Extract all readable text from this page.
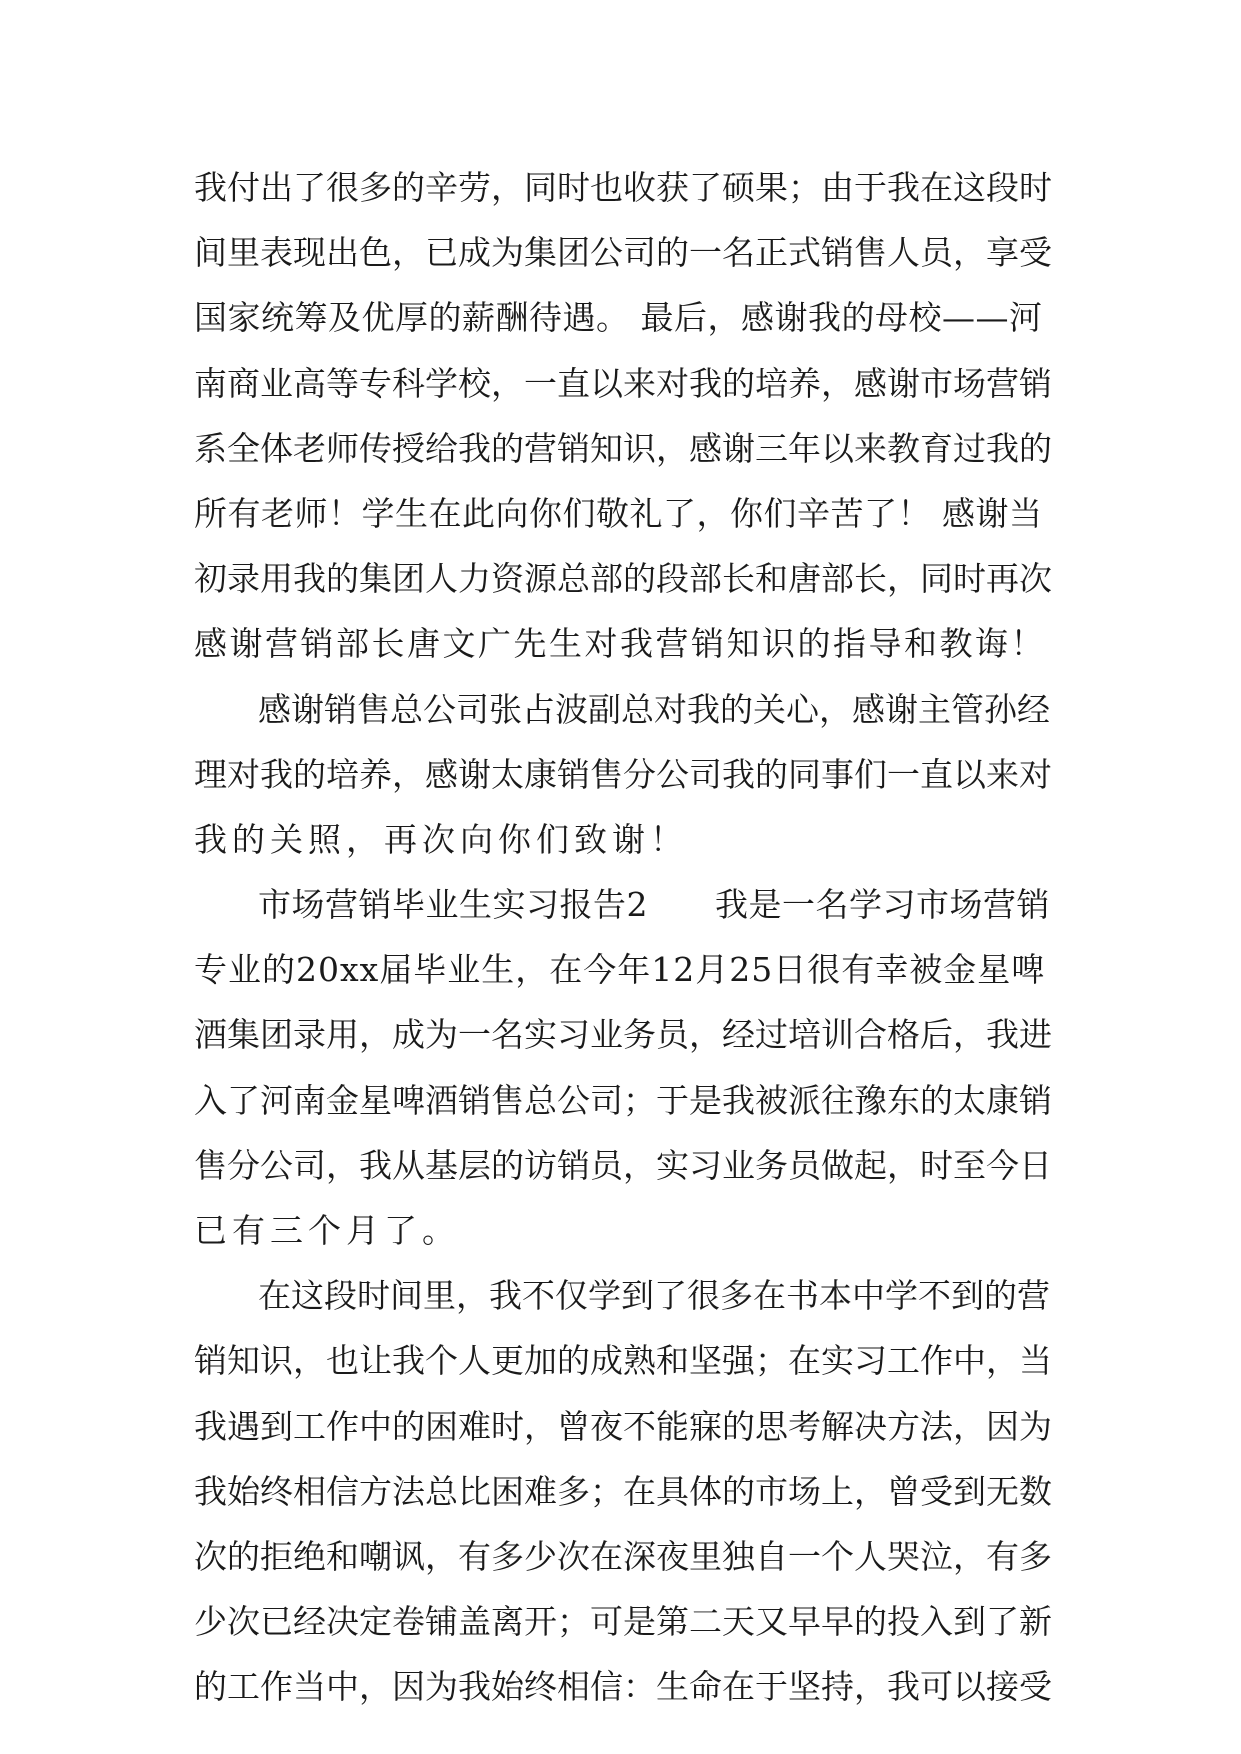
我付出了很多的辛劳，同时也收获了硕果；由于我在这段时
间里表现出色，已成为集团公司的一名正式销售人员，享受
国家统筹及优厚的薪酬待遇。 最后，感谢我的母校——河
南商业高等专科学校，一直以来对我的培养，感谢市场营销
系全体老师传授给我的营销知识，感谢三年以来教育过我的
所有老师！学生在此向你们敬礼了，你们辛苦了！ 感谢当
初录用我的集团人力资源总部的段部长和唐部长，同时再次
感谢营销部长唐文广先生对我营销知识的指导和教诲！
感谢销售总公司张占波副总对我的关心，感谢主管孙经
理对我的培养，感谢太康销售分公司我的同事们一直以来对
我的关照，再次向你们致谢！
市场营销毕业生实习报告2　　我是一名学习市场营销
专业的20xx届毕业生，在今年12月25日很有幸被金星啤
酒集团录用，成为一名实习业务员，经过培训合格后，我进
入了河南金星啤酒销售总公司；于是我被派往豫东的太康销
售分公司，我从基层的访销员，实习业务员做起，时至今日
已有三个月了。
在这段时间里，我不仅学到了很多在书本中学不到的营
销知识，也让我个人更加的成熟和坚强；在实习工作中，当
我遇到工作中的困难时，曾夜不能寐的思考解决方法，因为
我始终相信方法总比困难多；在具体的市场上，曾受到无数
次的拒绝和嘲讽，有多少次在深夜里独自一个人哭泣，有多
少次已经决定卷铺盖离开；可是第二天又早早的投入到了新
的工作当中，因为我始终相信：生命在于坚持，我可以接受
